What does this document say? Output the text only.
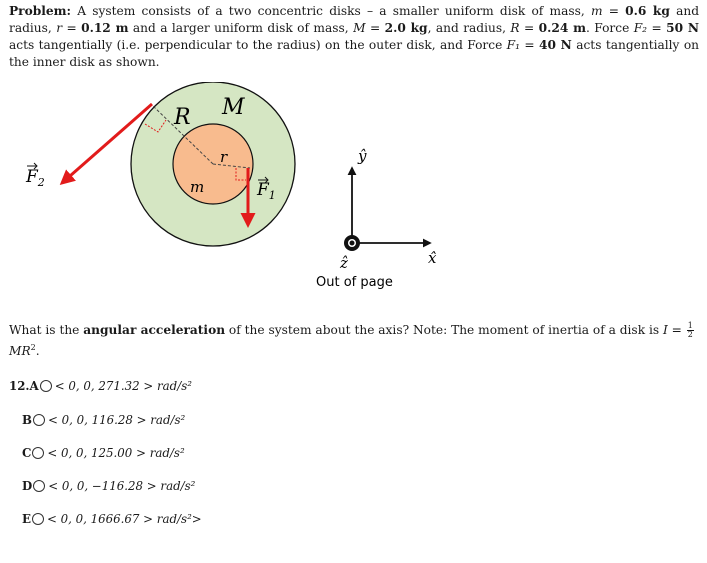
Problem: A system consists of a two concentric disks – a smaller uniform disk of mass, m = 0.6 kg and radius, r = 0.12 m and a larger uniform disk of mass, M = 2.0 kg, and radius, R = 0.24 m. Force F₂ = 50 N acts tangentially (i.e. perpendicular to the radius) on the outer disk, and Force F₁ = 40 N acts tangentially on the inner disk as shown.
R M
r
m	$F_1$
$F_2$
ŷ
x̂
ẑ
Out of page
What is the angular acceleration of the system about the axis? Note: The moment of inertia of a disk is $I = \frac{1}{2}$
$MR^2$.
12.A < 0, 0, 271.32 > rad/s²
B < 0, 0, 116.28 > rad/s²
C < 0, 0, 125.00 > rad/s²
D < 0, 0, −116.28 > rad/s²
E < 0, 0, 1666.67 > rad/s²>
